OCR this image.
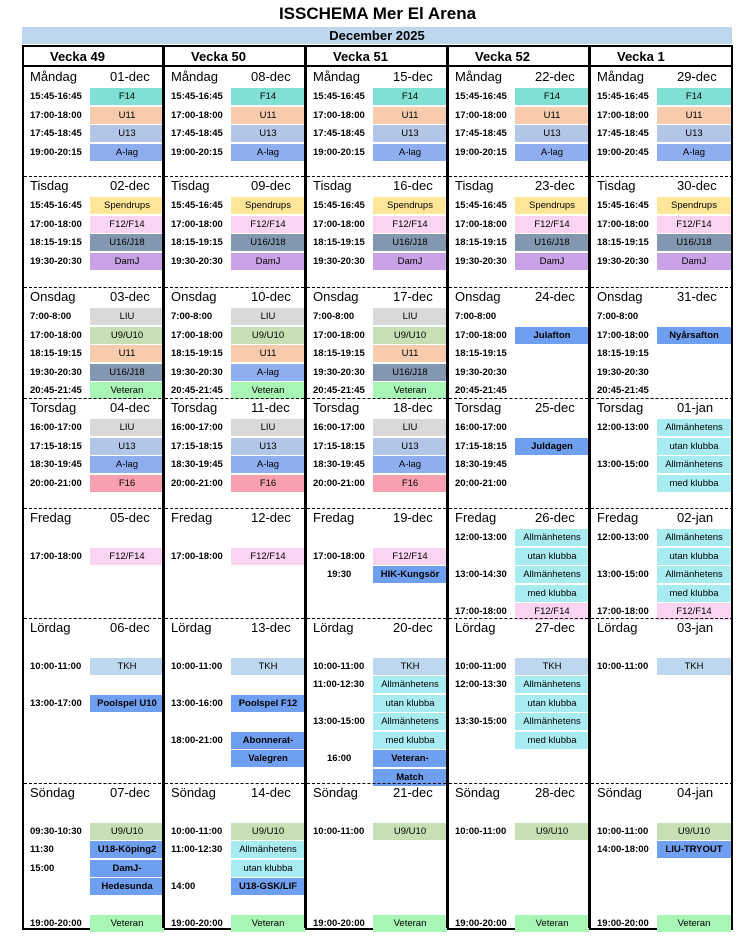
ISSCHEMA Mer El Arena
December 2025
Vecka 49
Måndag	01-dec
15:45-16:45	F14
17:00-18:00	U11
17:45-18:45	U13
19:00-20:15	A-lag
Tisdag	02-dec
15:45-16:45	Spendrups
17:00-18:00	F12/F14
18:15-19:15	U16/J18
19:30-20:30	DamJ
Onsdag	03-dec
7:00-8:00	LIU
17:00-18:00	U9/U10
18:15-19:15	U11
19:30-20:30	U16/J18
20:45-21:45	Veteran
Torsdag	04-dec
16:00-17:00	LIU
17:15-18:15	U13
18:30-19:45	A-lag
20:00-21:00	F16
Fredag	05-dec
17:00-18:00	F12/F14
Lördag	06-dec
10:00-11:00	TKH
13:00-17:00	Poolspel U10
Söndag	07-dec
09:30-10:30	U9/U10
11:30	U18-Köping2
15:00	DamJ-
Hedesunda
19:00-20:00	Veteran
Vecka 50
Måndag	08-dec
15:45-16:45	F14
17:00-18:00	U11
17:45-18:45	U13
19:00-20:15	A-lag
Tisdag	09-dec
15:45-16:45	Spendrups
17:00-18:00	F12/F14
18:15-19:15	U16/J18
19:30-20:30	DamJ
Onsdag	10-dec
7:00-8:00	LIU
17:00-18:00	U9/U10
18:15-19:15	U11
19:30-20:30	A-lag
20:45-21:45	Veteran
Torsdag	11-dec
16:00-17:00	LIU
17:15-18:15	U13
18:30-19:45	A-lag
20:00-21:00	F16
Fredag	12-dec
17:00-18:00	F12/F14
Lördag	13-dec
10:00-11:00	TKH
13:00-16:00	Poolspel F12
18:00-21:00	Abonnerat-
Valegren
Söndag	14-dec
10:00-11:00	U9/U10
11:00-12:30	Allmänhetens
utan klubba
14:00	U18-GSK/LIF
19:00-20:00	Veteran
Vecka 51
Måndag	15-dec
15:45-16:45	F14
17:00-18:00	U11
17:45-18:45	U13
19:00-20:15	A-lag
Tisdag	16-dec
15:45-16:45	Spendrups
17:00-18:00	F12/F14
18:15-19:15	U16/J18
19:30-20:30	DamJ
Onsdag	17-dec
7:00-8:00	LIU
17:00-18:00	U9/U10
18:15-19:15	U11
19:30-20:30	U16/J18
20:45-21:45	Veteran
Torsdag	18-dec
16:00-17:00	LIU
17:15-18:15	U13
18:30-19:45	A-lag
20:00-21:00	F16
Fredag	19-dec
17:00-18:00	F12/F14
19:30	HIK-Kungsör
Lördag	20-dec
10:00-11:00	TKH
11:00-12:30	Allmänhetens
utan klubba
13:00-15:00	Allmänhetens
med klubba
16:00	Veteran-
Match
Söndag	21-dec
10:00-11:00	U9/U10
19:00-20:00	Veteran
Vecka 52
Måndag	22-dec
15:45-16:45	F14
17:00-18:00	U11
17:45-18:45	U13
19:00-20:15	A-lag
Tisdag	23-dec
15:45-16:45	Spendrups
17:00-18:00	F12/F14
18:15-19:15	U16/J18
19:30-20:30	DamJ
Onsdag	24-dec
7:00-8:00
17:00-18:00	Julafton
18:15-19:15
19:30-20:30
20:45-21:45
Torsdag	25-dec
16:00-17:00
17:15-18:15	Juldagen
18:30-19:45
20:00-21:00
Fredag	26-dec
12:00-13:00	Allmänhetens
utan klubba
13:00-14:30	Allmänhetens
med klubba
17:00-18:00	F12/F14
Lördag	27-dec
10:00-11:00	TKH
12:00-13:30	Allmänhetens
utan klubba
13:30-15:00	Allmänhetens
med klubba
Söndag	28-dec
10:00-11:00	U9/U10
19:00-20:00	Veteran
Vecka 1
Måndag	29-dec
15:45-16:45	F14
17:00-18:00	U11
17:45-18:45	U13
19:00-20:45	A-lag
Tisdag	30-dec
15:45-16:45	Spendrups
17:00-18:00	F12/F14
18:15-19:15	U16/J18
19:30-20:30	DamJ
Onsdag	31-dec
7:00-8:00
17:00-18:00	Nyårsafton
18:15-19:15
19:30-20:30
20:45-21:45
Torsdag	01-jan
12:00-13:00	Allmänhetens
utan klubba
13:00-15:00	Allmänhetens
med klubba
Fredag	02-jan
12:00-13:00	Allmänhetens
utan klubba
13:00-15:00	Allmänhetens
med klubba
17:00-18:00	F12/F14
Lördag	03-jan
10:00-11:00	TKH
Söndag	04-jan
10:00-11:00	U9/U10
14:00-18:00	LIU-TRYOUT
19:00-20:00	Veteran
